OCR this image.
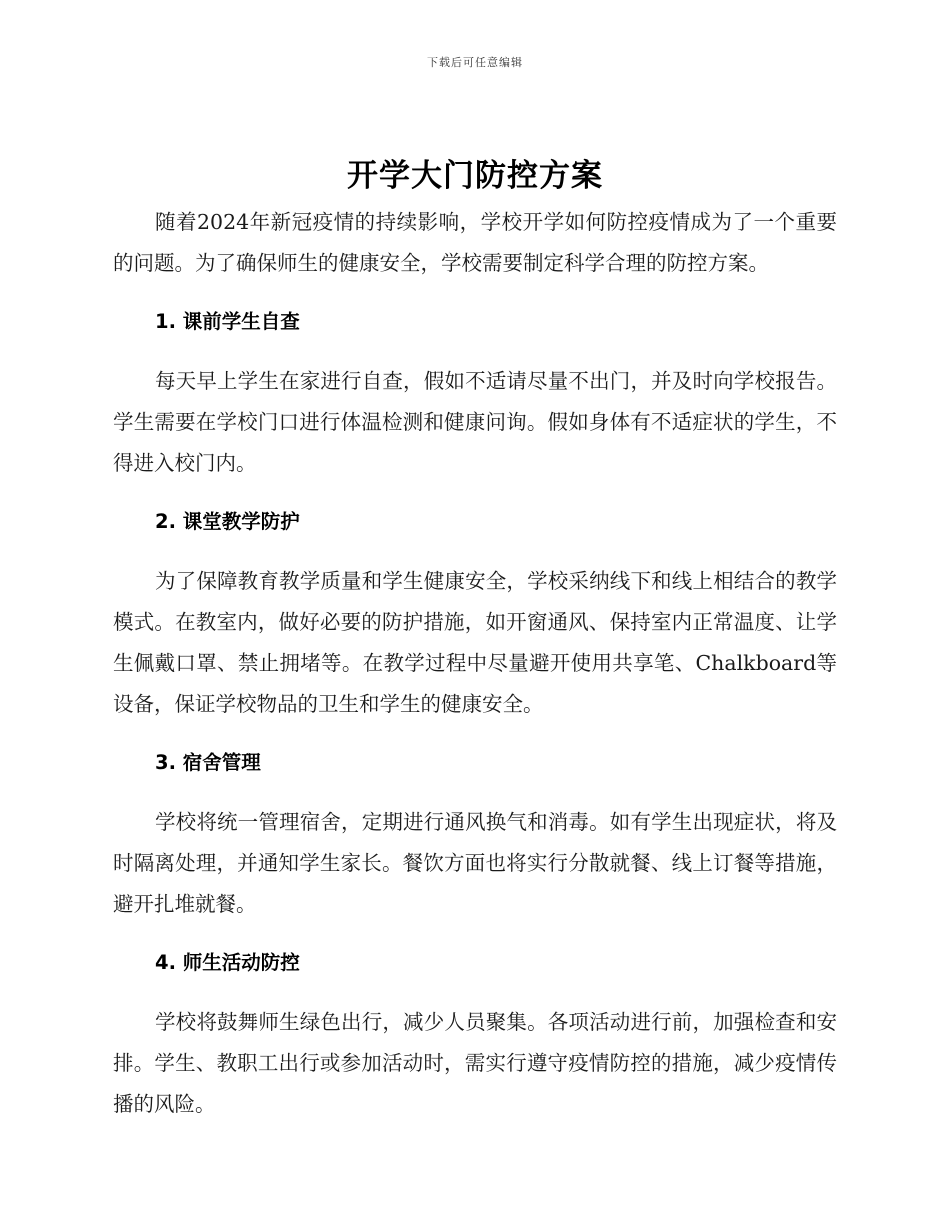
下载后可任意编辑
开学大门防控方案

随着2024年新冠疫情的持续影响，学校开学如何防控疫情成为了一个重要的问题。为了确保师生的健康安全，学校需要制定科学合理的防控方案。

1. 课前学生自查

每天早上学生在家进行自查，假如不适请尽量不出门，并及时向学校报告。学生需要在学校门口进行体温检测和健康问询。假如身体有不适症状的学生，不得进入校门内。

2. 课堂教学防护

为了保障教育教学质量和学生健康安全，学校采纳线下和线上相结合的教学模式。在教室内，做好必要的防护措施，如开窗通风、保持室内正常温度、让学生佩戴口罩、禁止拥堵等。在教学过程中尽量避开使用共享笔、Chalkboard等设备，保证学校物品的卫生和学生的健康安全。

3. 宿舍管理

学校将统一管理宿舍，定期进行通风换气和消毒。如有学生出现症状，将及时隔离处理，并通知学生家长。餐饮方面也将实行分散就餐、线上订餐等措施，避开扎堆就餐。

4. 师生活动防控

学校将鼓舞师生绿色出行，减少人员聚集。各项活动进行前，加强检查和安排。学生、教职工出行或参加活动时，需实行遵守疫情防控的措施，减少疫情传播的风险。
